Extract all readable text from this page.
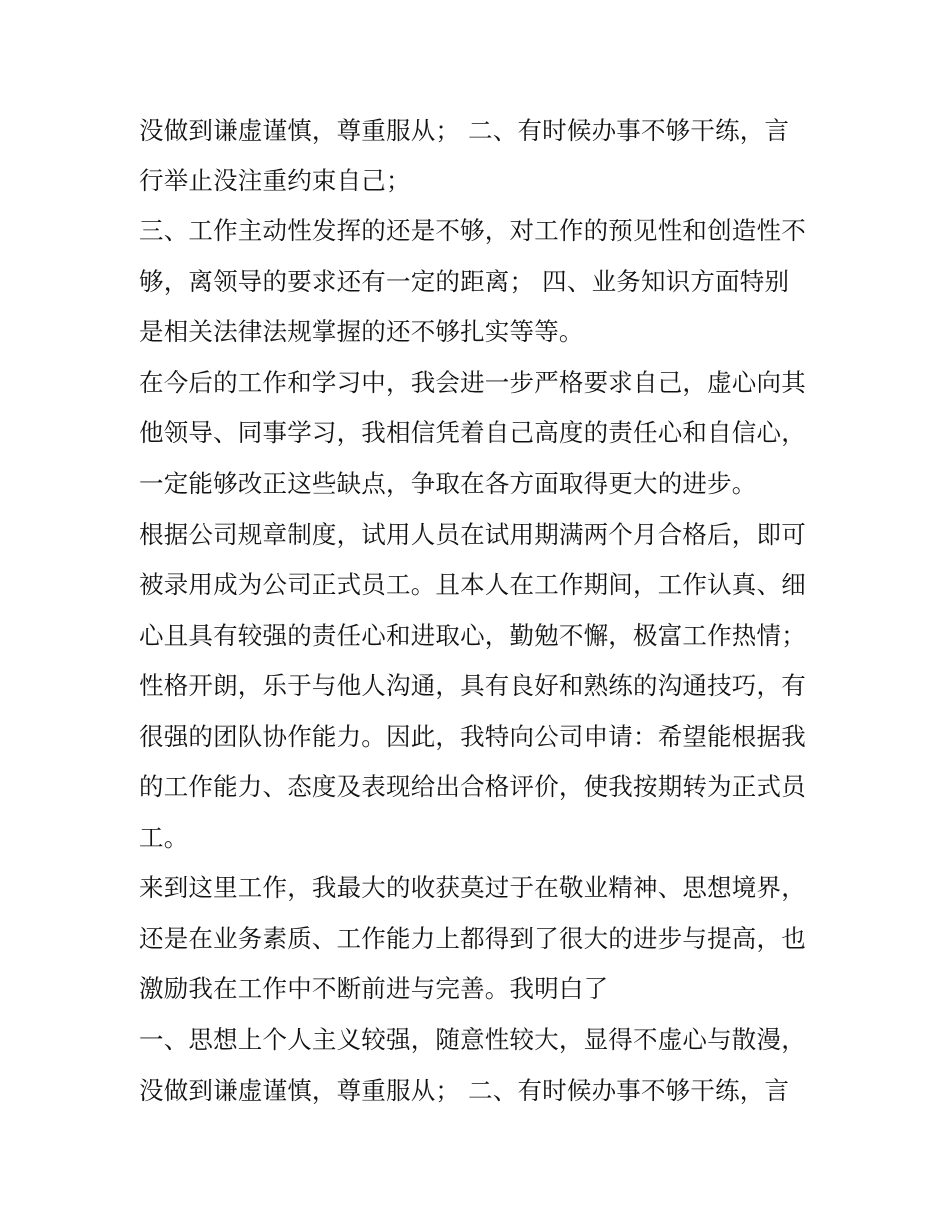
没做到谦虚谨慎，尊重服从； 二、有时候办事不够干练，言
行举止没注重约束自己；
三、工作主动性发挥的还是不够，对工作的预见性和创造性不
够，离领导的要求还有一定的距离； 四、业务知识方面特别
是相关法律法规掌握的还不够扎实等等。
在今后的工作和学习中，我会进一步严格要求自己，虚心向其
他领导、同事学习，我相信凭着自己高度的责任心和自信心，
一定能够改正这些缺点，争取在各方面取得更大的进步。
根据公司规章制度，试用人员在试用期满两个月合格后，即可
被录用成为公司正式员工。且本人在工作期间，工作认真、细
心且具有较强的责任心和进取心，勤勉不懈，极富工作热情；
性格开朗，乐于与他人沟通，具有良好和熟练的沟通技巧，有
很强的团队协作能力。因此，我特向公司申请：希望能根据我
的工作能力、态度及表现给出合格评价，使我按期转为正式员
工。
来到这里工作，我最大的收获莫过于在敬业精神、思想境界，
还是在业务素质、工作能力上都得到了很大的进步与提高，也
激励我在工作中不断前进与完善。我明白了
一、思想上个人主义较强，随意性较大，显得不虚心与散漫，
没做到谦虚谨慎，尊重服从； 二、有时候办事不够干练，言
